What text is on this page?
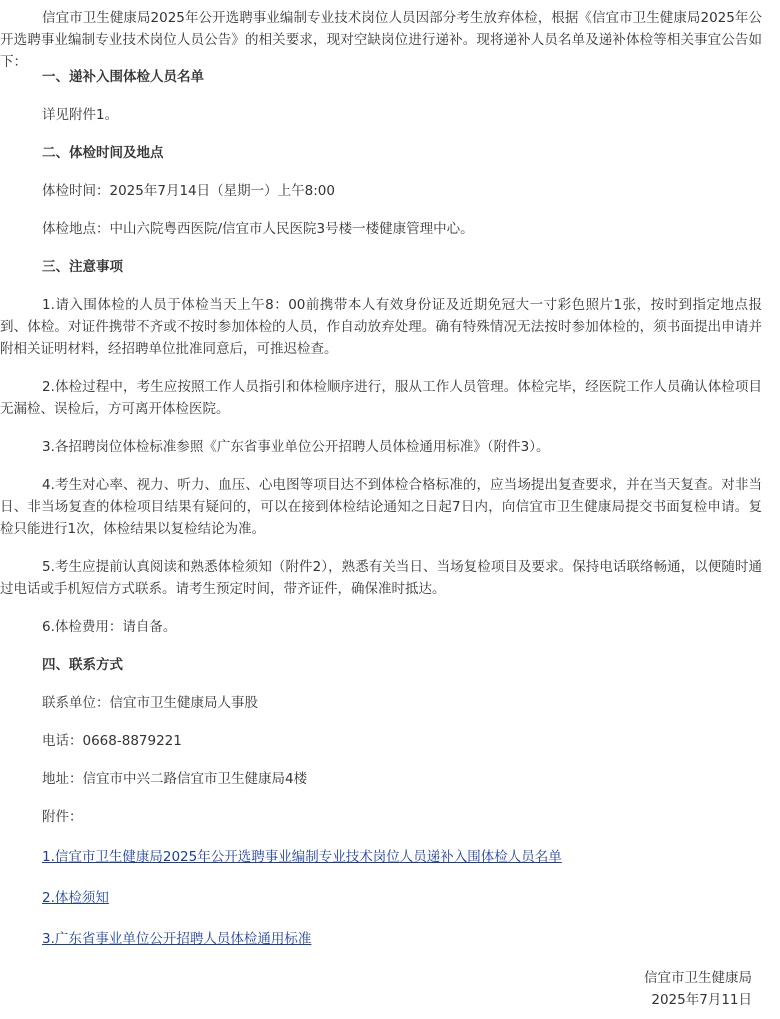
信宜市卫生健康局2025年公开选聘事业编制专业技术岗位人员因部分考生放弃体检，根据《信宜市卫生健康局2025年公开选聘事业编制专业技术岗位人员公告》的相关要求，现对空缺岗位进行递补。现将递补人员名单及递补体检等相关事宜公告如下：

一、递补入围体检人员名单

详见附件1。

二、体检时间及地点

体检时间：2025年7月14日（星期一）上午8:00

体检地点：中山六院粤西医院/信宜市人民医院3号楼一楼健康管理中心。

三、注意事项

1.请入围体检的人员于体检当天上午8：00前携带本人有效身份证及近期免冠大一寸彩色照片1张，按时到指定地点报到、体检。对证件携带不齐或不按时参加体检的人员，作自动放弃处理。确有特殊情况无法按时参加体检的，须书面提出申请并附相关证明材料，经招聘单位批准同意后，可推迟检查。

2.体检过程中，考生应按照工作人员指引和体检顺序进行，服从工作人员管理。体检完毕，经医院工作人员确认体检项目无漏检、误检后，方可离开体检医院。

3.各招聘岗位体检标准参照《广东省事业单位公开招聘人员体检通用标准》（附件3）。

4.考生对心率、视力、听力、血压、心电图等项目达不到体检合格标准的，应当场提出复查要求，并在当天复查。对非当日、非当场复查的体检项目结果有疑问的，可以在接到体检结论通知之日起7日内，向信宜市卫生健康局提交书面复检申请。复检只能进行1次，体检结果以复检结论为准。

5.考生应提前认真阅读和熟悉体检须知（附件2），熟悉有关当日、当场复检项目及要求。保持电话联络畅通，以便随时通过电话或手机短信方式联系。请考生预定时间，带齐证件，确保准时抵达。

6.体检费用：请自备。

四、联系方式

联系单位：信宜市卫生健康局人事股

电话：0668-8879221

地址：信宜市中兴二路信宜市卫生健康局4楼

附件：

1.信宜市卫生健康局2025年公开选聘事业编制专业技术岗位人员递补入围体检人员名单
2.体检须知
3.广东省事业单位公开招聘人员体检通用标准

信宜市卫生健康局

2025年7月11日
